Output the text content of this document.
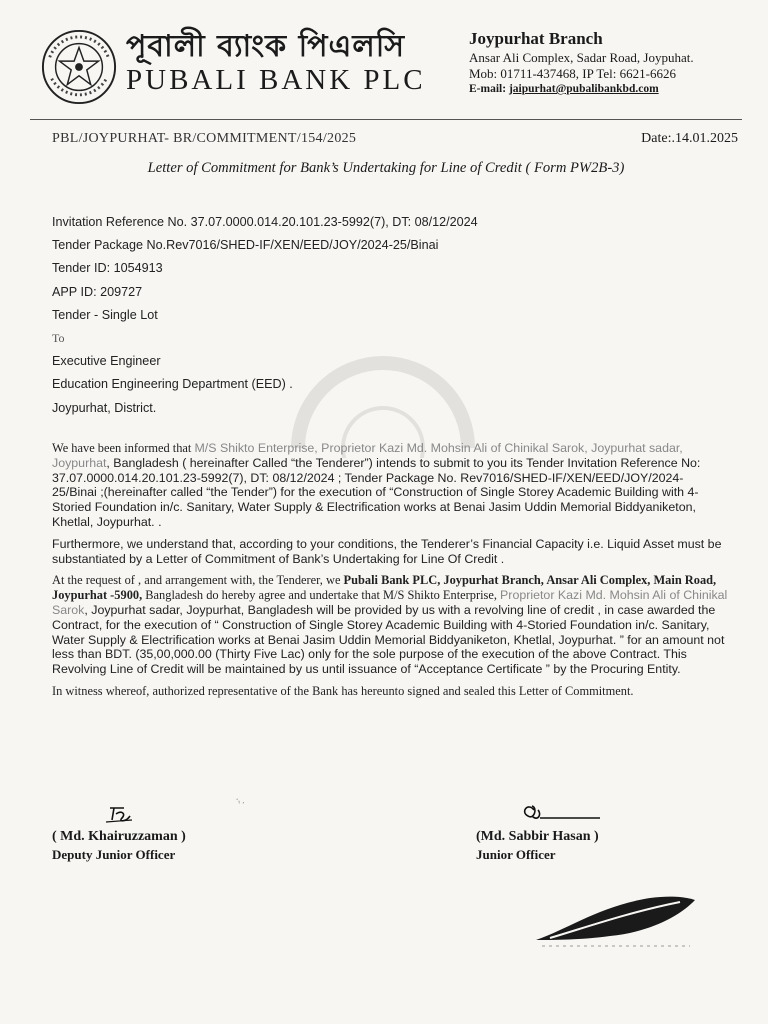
পূবালী ব্যাংক পিএলসি
PUBALI BANK PLC
Joypurhat Branch
Ansar Ali Complex, Sadar Road, Joypuhat.
Mob: 01711-437468, IP Tel: 6621-6626
E-mail: jaipurhat@pubalibankbd.com
PBL/JOYPURHAT- BR/COMMITMENT/154/2025	Date:.14.01.2025
Letter of Commitment for Bank’s Undertaking for Line of Credit ( Form PW2B-3)
Invitation Reference No. 37.07.0000.014.20.101.23-5992(7), DT: 08/12/2024
Tender Package No.Rev7016/SHED-IF/XEN/EED/JOY/2024-25/Binai
Tender ID: 1054913
APP ID: 209727
Tender - Single Lot
To
Executive Engineer
Education Engineering Department (EED) .
Joypurhat, District.

We have been informed that M/S Shikto Enterprise, Proprietor Kazi Md. Mohsin Ali of Chinikal Sarok, Joypurhat sadar, Joypurhat, Bangladesh ( hereinafter Called “the Tenderer”) intends to submit to you its Tender Invitation Reference No: 37.07.0000.014.20.101.23-5992(7), DT: 08/12/2024 ; Tender Package No. Rev7016/SHED-IF/XEN/EED/JOY/2024-25/Binai ;(hereinafter called “the Tender”) for the execution of “Construction of Single Storey Academic Building with 4-Storied Foundation in/c. Sanitary, Water Supply & Electrification works at Benai Jasim Uddin Memorial Biddyaniketon, Khetlal, Joypurhat. .

Furthermore, we understand that, according to your conditions, the Tenderer’s Financial Capacity i.e. Liquid Asset must be substantiated by a Letter of Commitment of Bank’s Undertaking for Line Of Credit .

At the request of , and arrangement with, the Tenderer, we Pubali Bank PLC, Joypurhat Branch, Ansar Ali Complex, Main Road, Joypurhat -5900, Bangladesh do hereby agree and undertake that M/S Shikto Enterprise, Proprietor Kazi Md. Mohsin Ali of Chinikal Sarok, Joypurhat sadar, Joypurhat, Bangladesh will be provided by us with a revolving line of credit , in case awarded the Contract, for the execution of “ Construction of Single Storey Academic Building with 4-Storied Foundation in/c. Sanitary, Water Supply & Electrification works at Benai Jasim Uddin Memorial Biddyaniketon, Khetlal, Joypurhat. ” for an amount not less than BDT. (35,00,000.00 (Thirty Five Lac) only for the sole purpose of the execution of the above Contract. This Revolving Line of Credit will be maintained by us until issuance of “Acceptance Certificate ” by the Procuring Entity.

In witness whereof, authorized representative of the Bank has hereunto signed and sealed this Letter of Commitment.

‘ₜ ‚
( Md. Khairuzzaman )
Deputy Junior Officer
(Md. Sabbir Hasan )
Junior Officer
